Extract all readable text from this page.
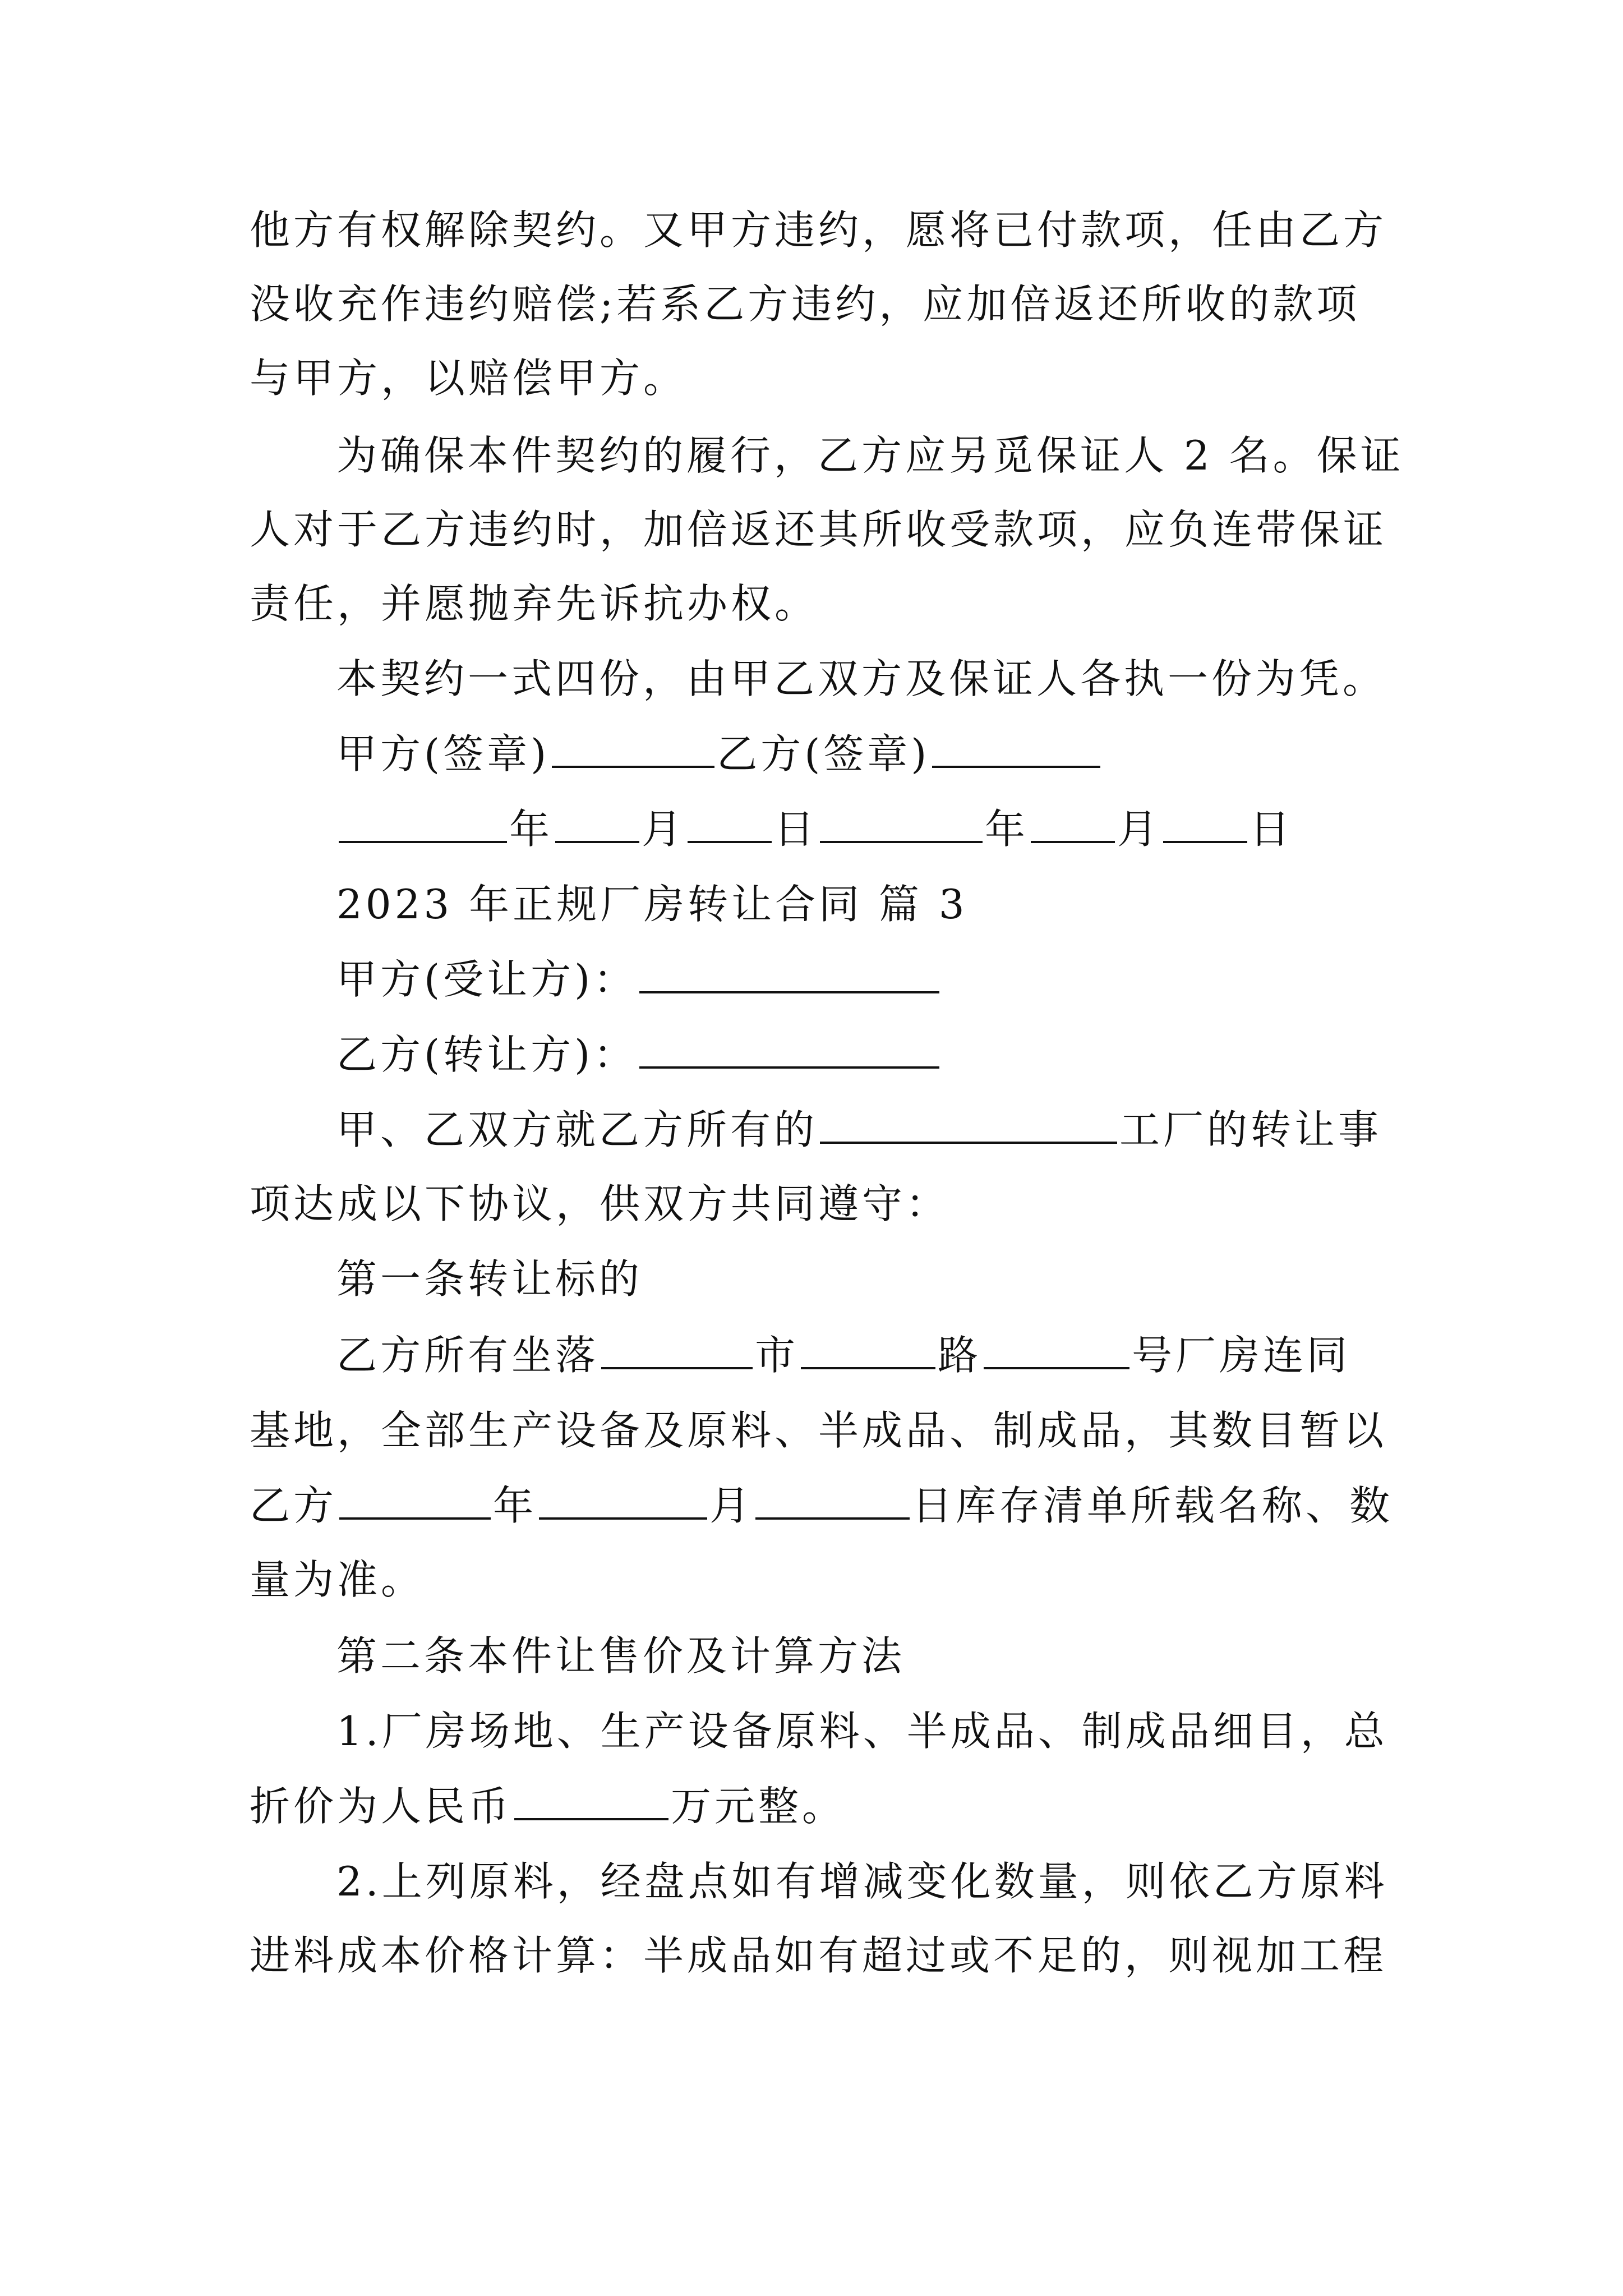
他方有权解除契约。又甲方违约，愿将已付款项，任由乙方
没收充作违约赔偿;若系乙方违约，应加倍返还所收的款项
与甲方，以赔偿甲方。
为确保本件契约的履行，乙方应另觅保证人 2 名。保证
人对于乙方违约时，加倍返还其所收受款项，应负连带保证
责任，并愿抛弃先诉抗办权。
本契约一式四份，由甲乙双方及保证人各执一份为凭。
甲方(签章)	乙方(签章)
年 月 日	年 月 日
2023 年正规厂房转让合同 篇 3
甲方(受让方)：
乙方(转让方)：
甲、乙双方就乙方所有的	工厂的转让事
项达成以下协议，供双方共同遵守：
第一条转让标的
乙方所有坐落	市	路	号厂房连同
基地，全部生产设备及原料、半成品、制成品，其数目暂以
乙方	年	月	日库存清单所载名称、数
量为准。
第二条本件让售价及计算方法
1.厂房场地、生产设备原料、半成品、制成品细目，总
折价为人民币	万元整。
2.上列原料，经盘点如有增减变化数量，则依乙方原料
进料成本价格计算：半成品如有超过或不足的，则视加工程
